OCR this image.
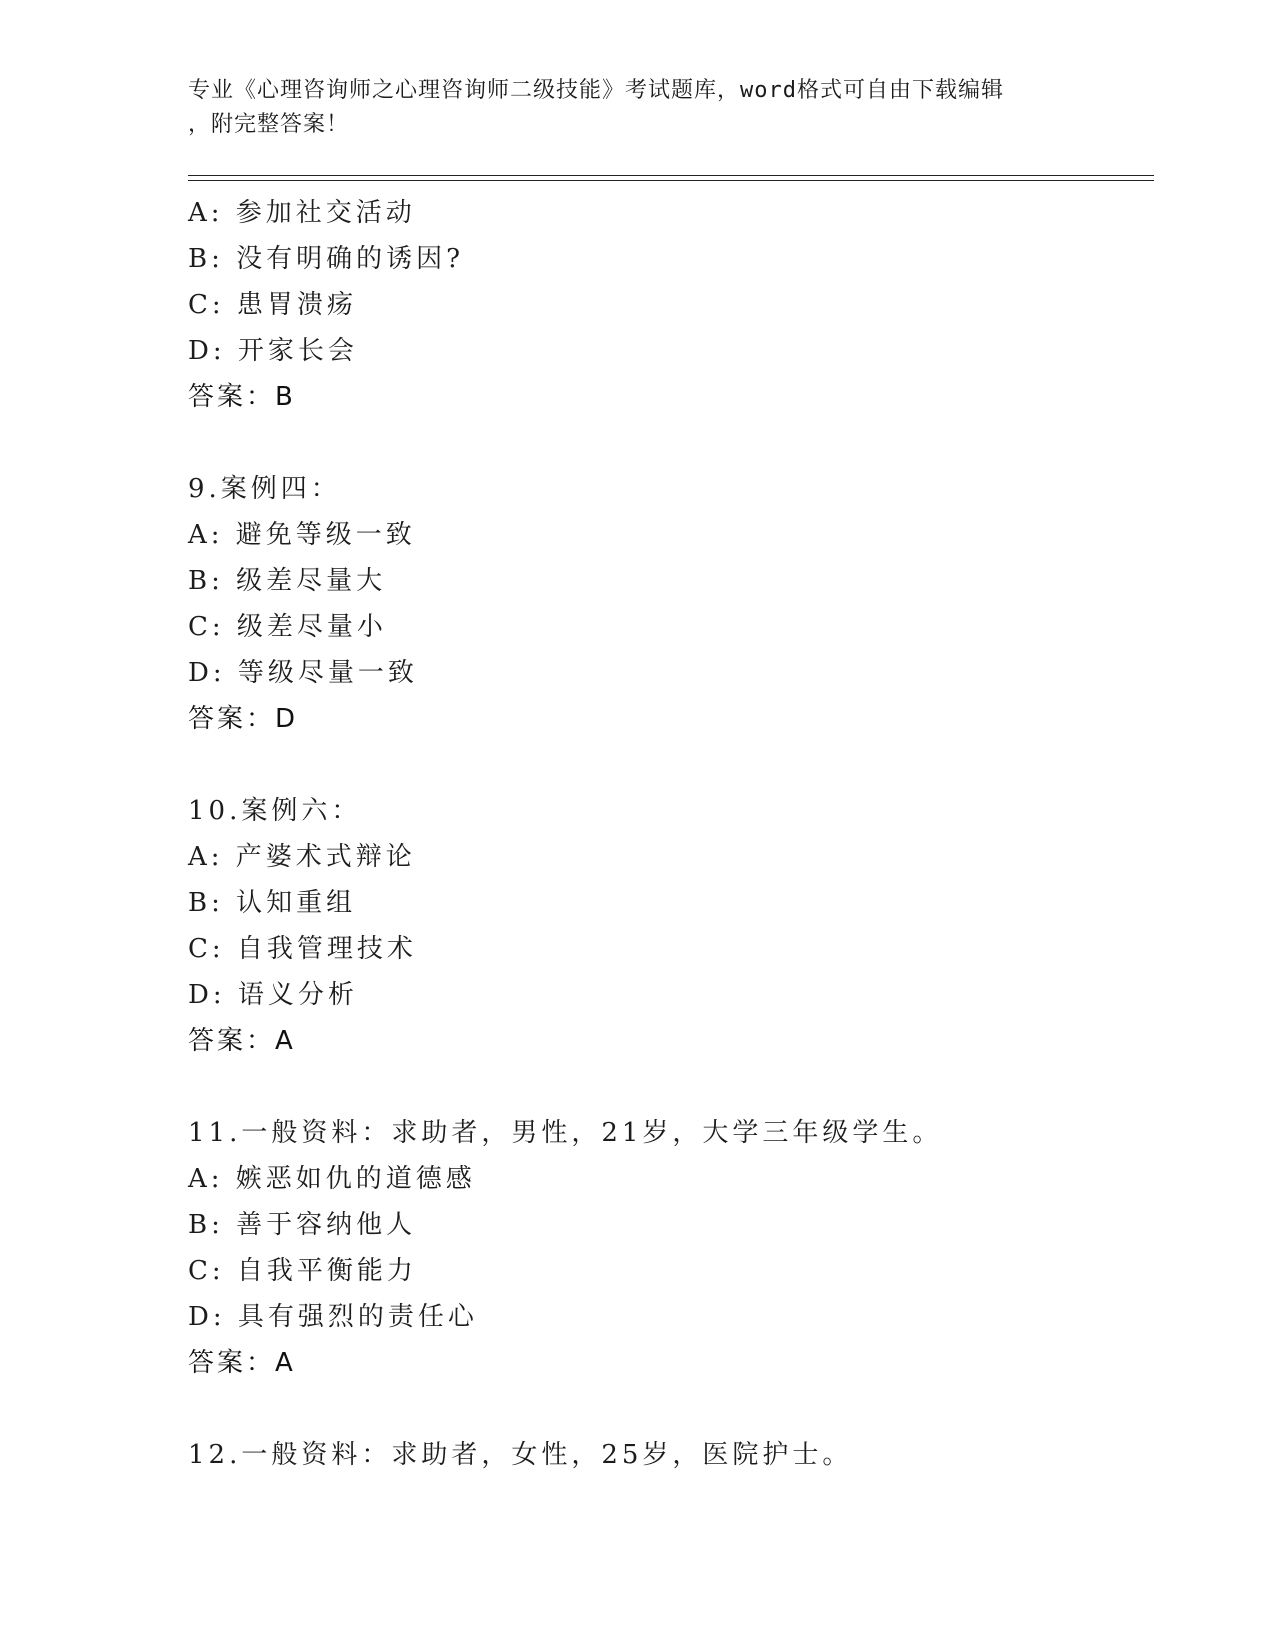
专业《心理咨询师之心理咨询师二级技能》考试题库，word格式可自由下载编辑
，附完整答案！
A: 参加社交活动
B: 没有明确的诱因?
C: 患胃溃疡
D: 开家长会
答案：B
9.案例四：
A: 避免等级一致
B: 级差尽量大
C: 级差尽量小
D: 等级尽量一致
答案：D
10.案例六：
A: 产婆术式辩论
B: 认知重组
C: 自我管理技术
D: 语义分析
答案：A
11.一般资料：求助者，男性，21岁，大学三年级学生。
A: 嫉恶如仇的道德感
B: 善于容纳他人
C: 自我平衡能力
D: 具有强烈的责任心
答案：A
12.一般资料：求助者，女性，25岁，医院护士。
